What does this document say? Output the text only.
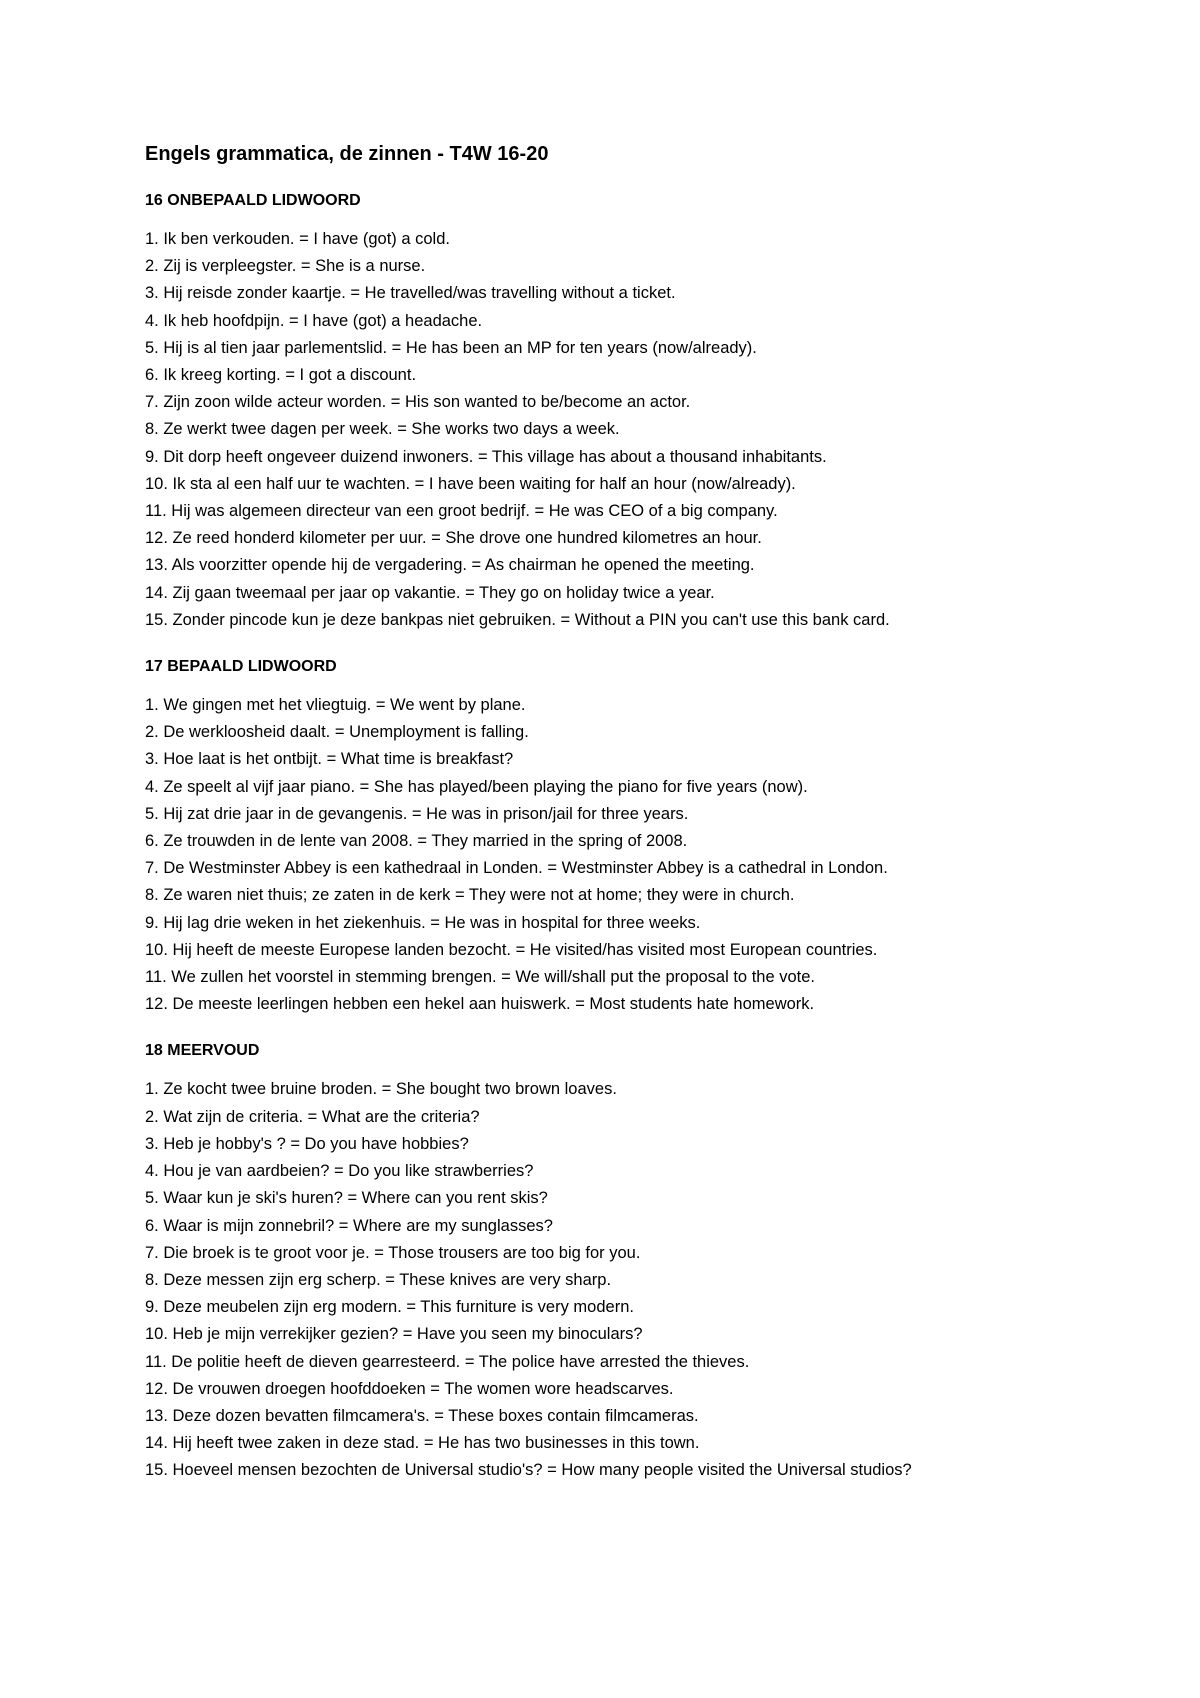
Engels grammatica, de zinnen - T4W 16-20
16 ONBEPAALD LIDWOORD
1. Ik ben verkouden. = I have (got) a cold.
2. Zij is verpleegster. = She is a nurse.
3. Hij reisde zonder kaartje. = He travelled/was travelling without a ticket.
4. Ik heb hoofdpijn. = I have (got) a headache.
5. Hij is al tien jaar parlementslid. = He has been an MP for ten years (now/already).
6. Ik kreeg korting. = I got a discount.
7. Zijn zoon wilde acteur worden. = His son wanted to be/become an actor.
8. Ze werkt twee dagen per week. = She works two days a week.
9. Dit dorp heeft ongeveer duizend inwoners. = This village has about a thousand inhabitants.
10. Ik sta al een half uur te wachten. = I have been waiting for half an hour (now/already).
11. Hij was algemeen directeur van een groot bedrijf. = He was CEO of a big company.
12. Ze reed honderd kilometer per uur. = She drove one hundred kilometres an hour.
13. Als voorzitter opende hij de vergadering. = As chairman he opened the meeting.
14. Zij gaan tweemaal per jaar op vakantie. = They go on holiday twice a year.
15. Zonder pincode kun je deze bankpas niet gebruiken. = Without a PIN you can't use this bank card.
17 BEPAALD LIDWOORD
1. We gingen met het vliegtuig. = We went by plane.
2. De werkloosheid daalt. = Unemployment is falling.
3. Hoe laat is het ontbijt. = What time is breakfast?
4. Ze speelt al vijf jaar piano. = She has played/been playing the piano for five years (now).
5. Hij zat drie jaar in de gevangenis. = He was in prison/jail for three years.
6. Ze trouwden in de lente van 2008. = They married in the spring of 2008.
7. De Westminster Abbey is een kathedraal in Londen. = Westminster Abbey is a cathedral in London.
8. Ze waren niet thuis; ze zaten in de kerk = They were not at home; they were in church.
9. Hij lag drie weken in het ziekenhuis. = He was in hospital for three weeks.
10. Hij heeft de meeste Europese landen bezocht. = He visited/has visited most European countries.
11. We zullen het voorstel in stemming brengen. = We will/shall put the proposal to the vote.
12. De meeste leerlingen hebben een hekel aan huiswerk. = Most students hate homework.
18 MEERVOUD
1. Ze kocht twee bruine broden. = She bought two brown loaves.
2. Wat zijn de criteria. = What are the criteria?
3. Heb je hobby's ? = Do you have hobbies?
4. Hou je van aardbeien? = Do you like strawberries?
5. Waar kun je ski's huren? = Where can you rent skis?
6. Waar is mijn zonnebril? = Where are my sunglasses?
7. Die broek is te groot voor je. = Those trousers are too big for you.
8. Deze messen zijn erg scherp. = These knives are very sharp.
9. Deze meubelen zijn erg modern. = This furniture is very modern.
10. Heb je mijn verrekijker gezien? = Have you seen my binoculars?
11. De politie heeft de dieven gearresteerd. = The police have arrested the thieves.
12. De vrouwen droegen hoofddoeken = The women wore headscarves.
13. Deze dozen bevatten filmcamera's. = These boxes contain filmcameras.
14. Hij heeft twee zaken in deze stad. = He has two businesses in this town.
15. Hoeveel mensen bezochten de Universal studio's? = How many people visited the Universal studios?
